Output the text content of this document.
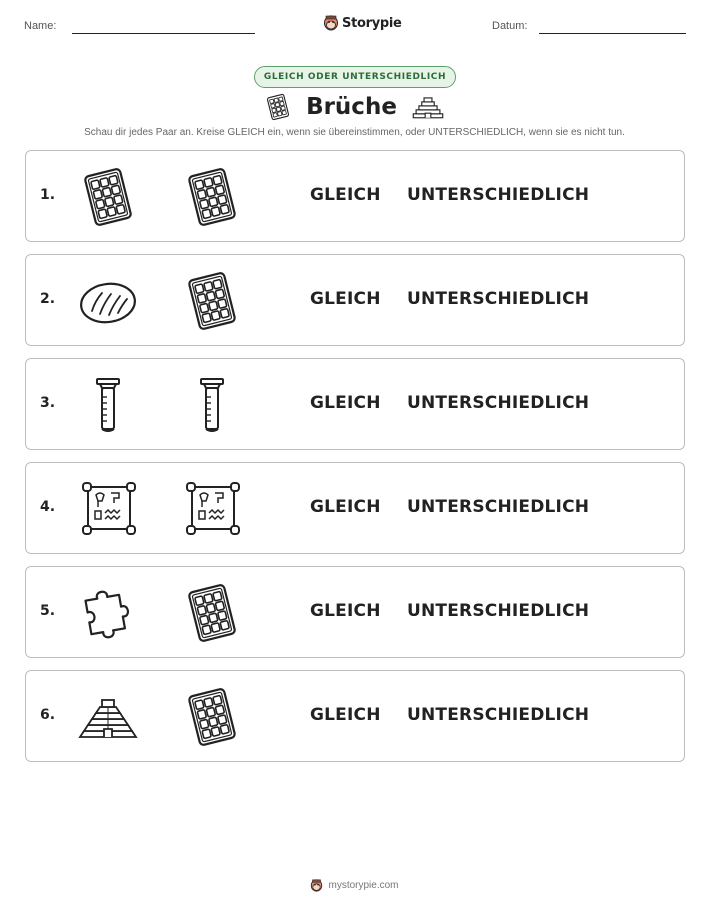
Name:	Storypie	Datum:
GLEICH ODER UNTERSCHIEDLICH
Brüche

Schau dir jedes Paar an. Kreise GLEICH ein, wenn sie übereinstimmen, oder UNTERSCHIEDLICH, wenn sie es nicht tun.

1.	GLEICH UNTERSCHIEDLICH
2.	GLEICH UNTERSCHIEDLICH
3.	GLEICH UNTERSCHIEDLICH
4.	GLEICH UNTERSCHIEDLICH
5.	GLEICH UNTERSCHIEDLICH
6.	GLEICH UNTERSCHIEDLICH
mystorypie.com
